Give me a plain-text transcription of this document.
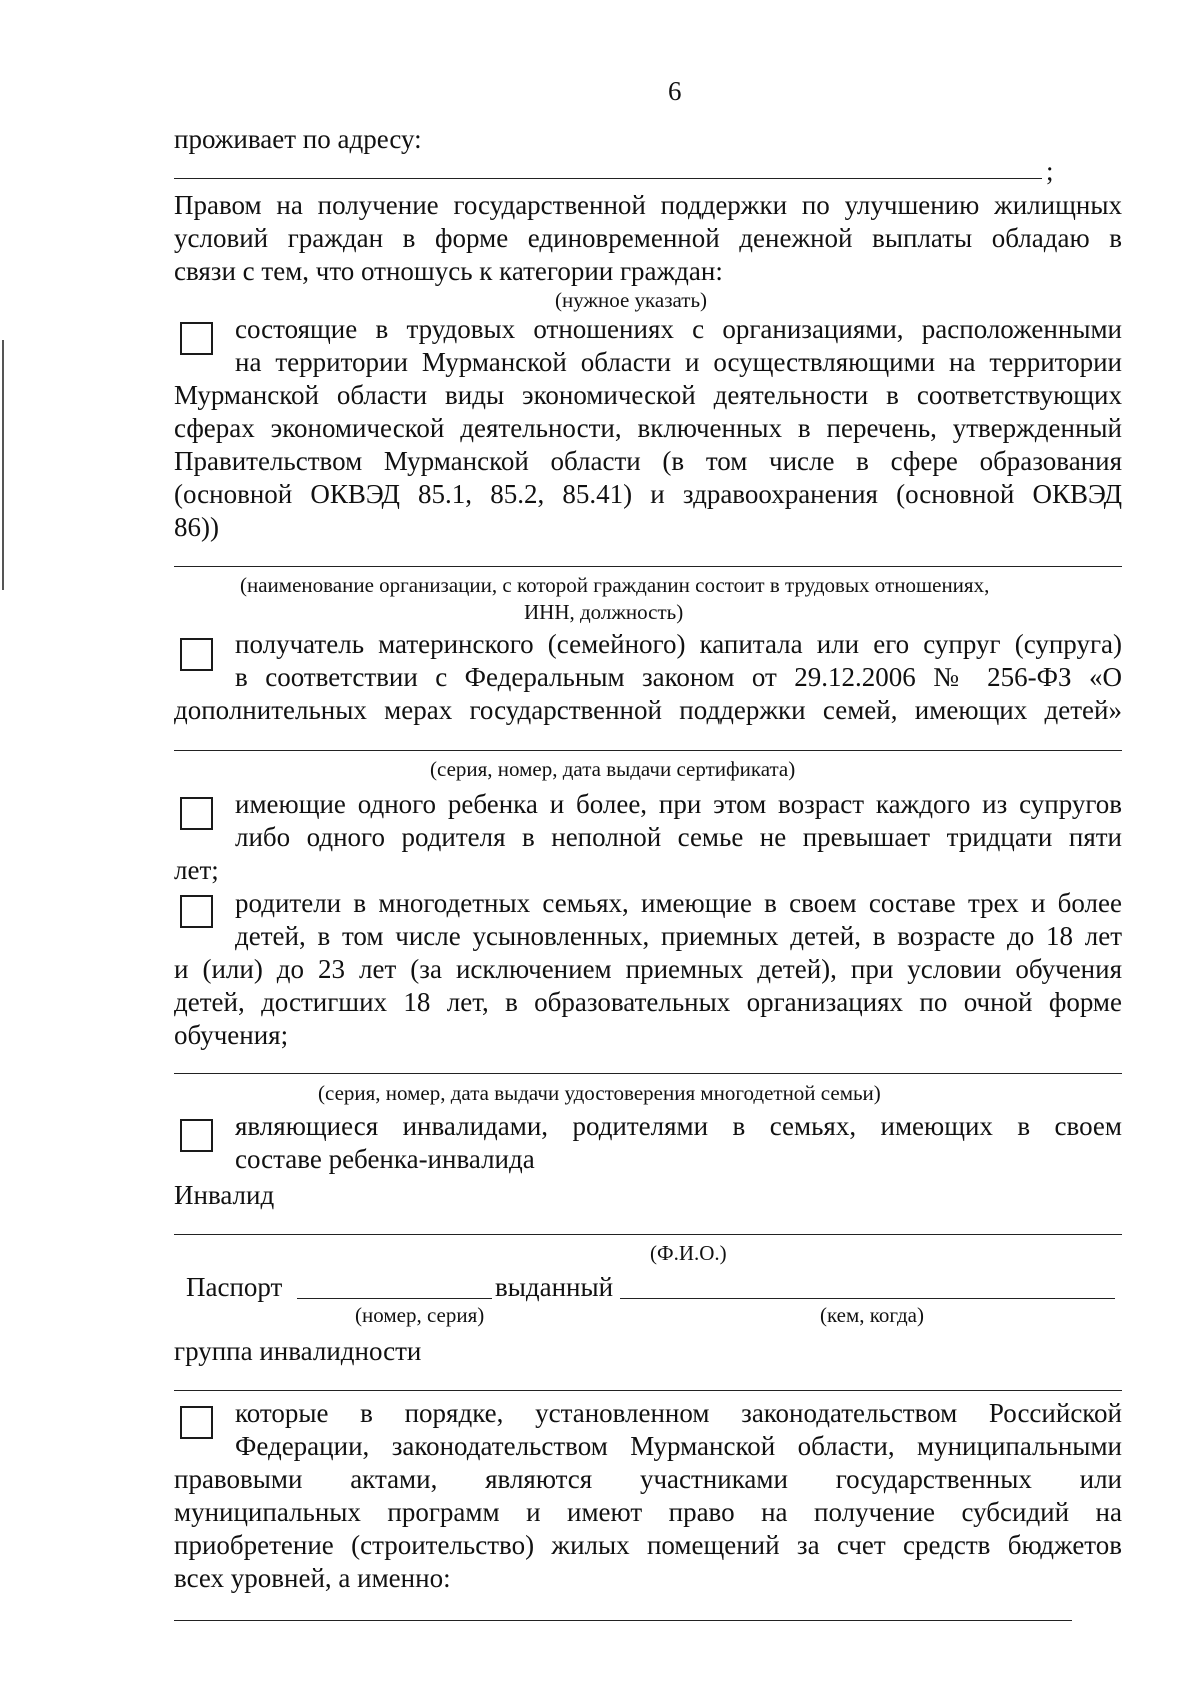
6
проживает по адресу:
;
Правом на получение государственной поддержки по улучшению жилищных
условий граждан в форме единовременной денежной выплаты обладаю в
связи с тем, что отношусь к категории граждан:
(нужное указать)
состоящие в трудовых отношениях с организациями, расположенными
на территории Мурманской области и осуществляющими на территории
Мурманской области виды экономической деятельности в соответствующих
сферах экономической деятельности, включенных в перечень, утвержденный
Правительством Мурманской области (в том числе в сфере образования
(основной ОКВЭД 85.1, 85.2, 85.41) и здравоохранения (основной ОКВЭД
86))
(наименование организации, с которой гражданин состоит в трудовых отношениях,
ИНН, должность)
получатель материнского (семейного) капитала или его супруг (супруга)
в соответствии с Федеральным законом от 29.12.2006 № 256-ФЗ «О
дополнительных мерах государственной поддержки семей, имеющих детей»
(серия, номер, дата выдачи сертификата)
имеющие одного ребенка и более, при этом возраст каждого из супругов
либо одного родителя в неполной семье не превышает тридцати пяти
лет;
родители в многодетных семьях, имеющие в своем составе трех и более
детей, в том числе усыновленных, приемных детей, в возрасте до 18 лет
и (или) до 23 лет (за исключением приемных детей), при условии обучения
детей, достигших 18 лет, в образовательных организациях по очной форме
обучения;
(серия, номер, дата выдачи удостоверения многодетной семьи)
являющиеся инвалидами, родителями в семьях, имеющих в своем
составе ребенка-инвалида
Инвалид
(Ф.И.О.)
Паспорт	выданный
(номер, серия)	(кем, когда)
группа инвалидности
которые в порядке, установленном законодательством Российской
Федерации, законодательством Мурманской области, муниципальными
правовыми актами, являются участниками государственных или
муниципальных программ и имеют право на получение субсидий на
приобретение (строительство) жилых помещений за счет средств бюджетов
всех уровней, а именно:
